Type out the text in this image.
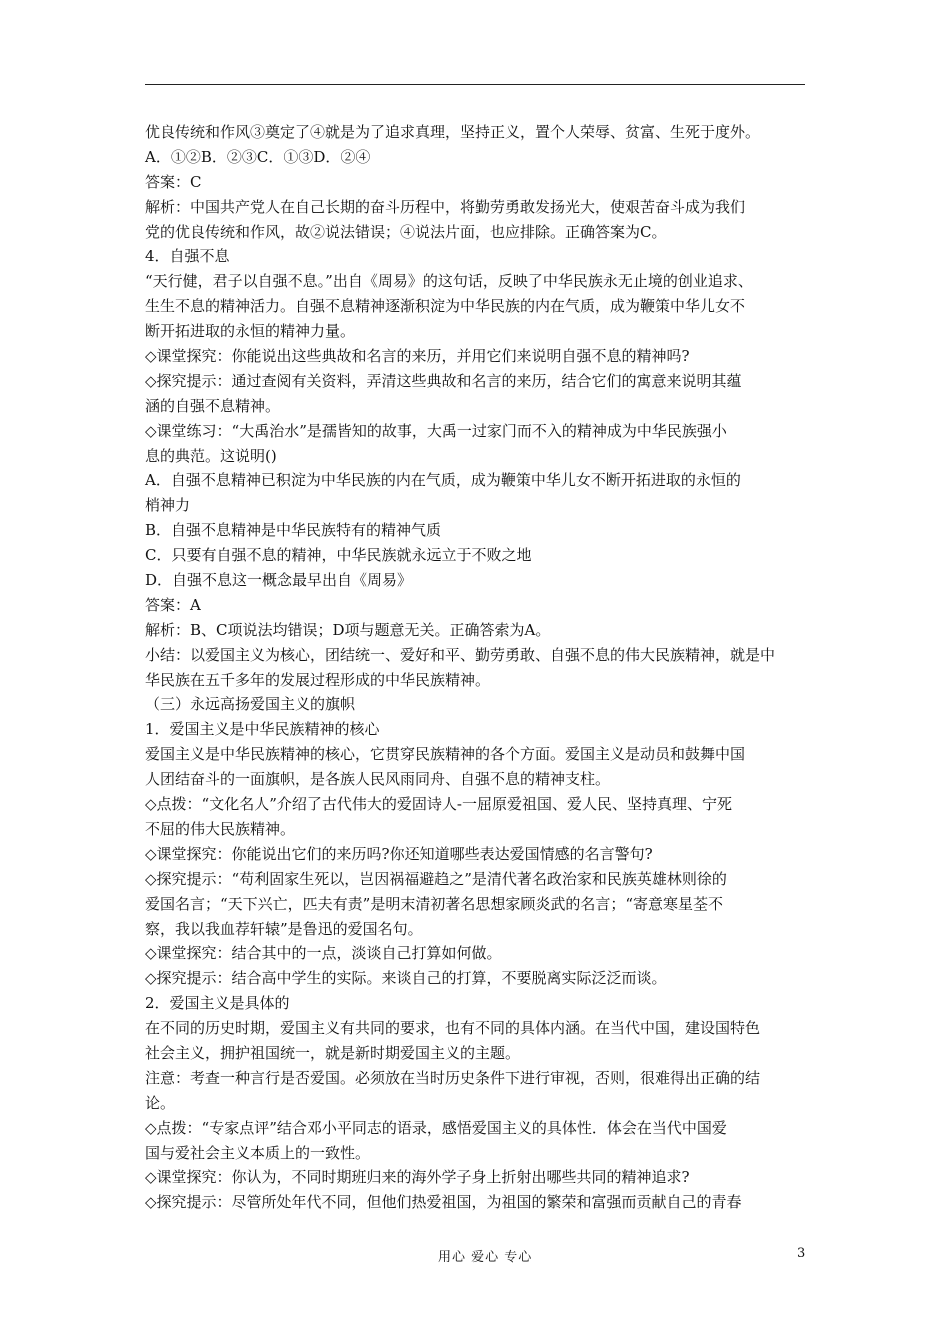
优良传统和作风③奠定了④就是为了追求真理，坚持正义，置个人荣辱、贫富、生死于度外。
A．①②B．②③C．①③D．②④
答案：C
解析：中国共产党人在自己长期的奋斗历程中，将勤劳勇敢发扬光大，使艰苦奋斗成为我们
党的优良传统和作风，故②说法错误；④说法片面，也应排除。正确答案为C。
4．自强不息
“天行健，君子以自强不息。”出自《周易》的这句话，反映了中华民族永无止境的创业追求、
生生不息的精神活力。自强不息精神逐渐积淀为中华民族的内在气质，成为鞭策中华儿女不
断开拓进取的永恒的精神力量。
◇课堂探究：你能说出这些典故和名言的来历，并用它们来说明自强不息的精神吗?
◇探究提示：通过查阅有关资料，弄清这些典故和名言的来历，结合它们的寓意来说明其蕴
涵的自强不息精神。
◇课堂练习：“大禹治水”是孺皆知的故事，大禹一过家门而不入的精神成为中华民族强小
息的典范。这说明()
A．自强不息精神已积淀为中华民族的内在气质，成为鞭策中华儿女不断开拓进取的永恒的
梢神力
B．自强不息精神是中华民族特有的精神气质
C．只要有自强不息的精神，中华民族就永远立于不败之地
D．自强不息这一概念最早出自《周易》
答案：A
解析：B、C项说法均错误；D项与题意无关。正确答索为A。
小结：以爱国主义为核心，团结统一、爱好和平、勤劳勇敢、自强不息的伟大民族精神，就是中
华民族在五千多年的发展过程形成的中华民族精神。
（三）永远高扬爱国主义的旗帜
1．爱国主义是中华民族精神的核心
爱国主义是中华民族精神的核心，它贯穿民族精神的各个方面。爱国主义是动员和鼓舞中国
人团结奋斗的一面旗帜，是各族人民风雨同舟、自强不息的精神支柱。
◇点拨：“文化名人”介绍了古代伟大的爱固诗人-一屈原爱祖国、爱人民、坚持真理、宁死
不屈的伟大民族精神。
◇课堂探究：你能说出它们的来历吗?你还知道哪些表达爱国情感的名言警句?
◇探究提示：“苟利固家生死以，岂因祸福避趋之”是清代著名政治家和民族英雄林则徐的
爱国名言；“天下兴亡，匹夫有责”是明末清初著名思想家顾炎武的名言；“寄意寒星荃不
察，我以我血荐轩辕”是鲁迅的爱国名句。
◇课堂探究：结合其中的一点，淡谈自己打算如何做。
◇探究提示：结合高中学生的实际。来谈自己的打算，不要脱离实际泛泛而谈。
2．爱国主义是具体的
在不同的历史时期，爱国主义有共同的要求，也有不同的具体内涵。在当代中国，建设国特色
社会主义，拥护祖国统一，就是新时期爱国主义的主题。
注意：考查一种言行是否爱国。必须放在当时历史条件下进行审视，否则，很难得出正确的结
论。
◇点拨：“专家点评”结合邓小平同志的语录，感悟爱国主义的具体性．体会在当代中国爱
国与爱社会主义本质上的一致性。
◇课堂探究：你认为，不同时期班归来的海外学子身上折射出哪些共同的精神追求?
◇探究提示：尽管所处年代不同，但他们热爱祖国，为祖国的繁荣和富强而贡献自己的青春
用心 爱心 专心	3
